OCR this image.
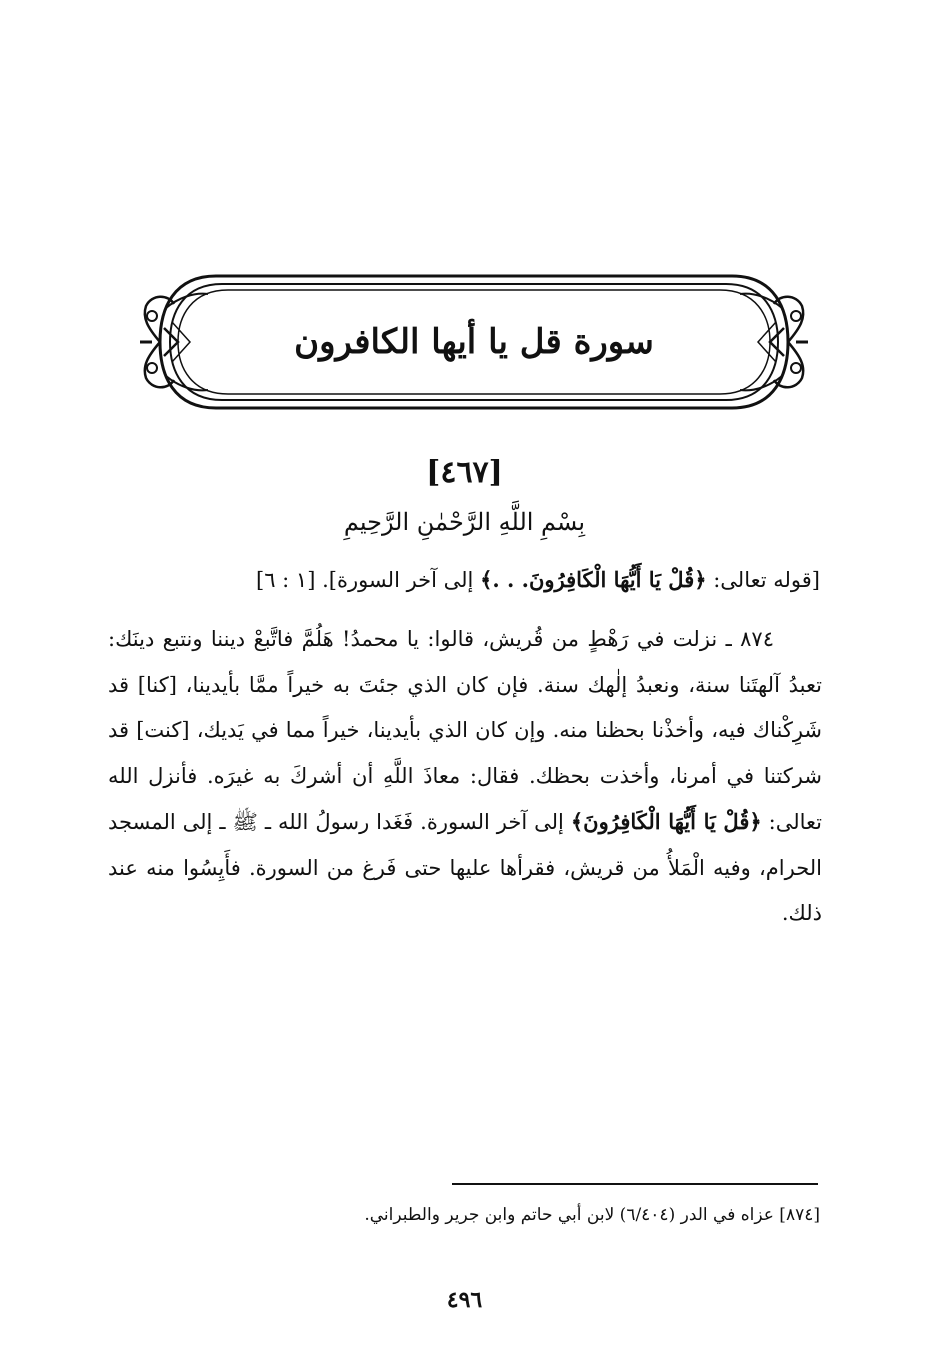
سورة قل يا أيها الكافرون
[٤٦٧]
بِسْمِ اللَّهِ الرَّحْمٰنِ الرَّحِيمِ
[قوله تعالى: ﴿قُلْ يَا أَيُّهَا الْكَافِرُونَ. . .﴾ إلى آخر السورة]. [١ : ٦]
٨٧٤ ـ نزلت في رَهْطٍ من قُريش، قالوا: يا محمدُ! هَلُمَّ فاتَّبعْ ديننا ونتبع دينَك: تعبدُ آلهتَنا سنة، ونعبدُ إلٰهك سنة. فإن كان الذي جئتَ به خيراً ممَّا بأيدينا، [كنا] قد شَرِكْناك فيه، وأخذْنا بحظنا منه. وإن كان الذي بأيدينا، خيراً مما في يَديك، [كنت] قد شركتنا في أمرنا، وأخذت بحظك. فقال: معاذَ اللَّهِ أن أشركَ به غيرَه. فأنزل الله تعالى: ﴿قُلْ يَا أَيُّهَا الْكَافِرُونَ﴾ إلى آخر السورة. فَغَدا رسولُ الله ـ ﷺ ـ إلى المسجد الحرام، وفيه الْمَلأُ من قريش، فقرأها عليها حتى فَرغ من السورة. فأَيِسُوا منه عند ذلك.
[٨٧٤] عزاه في الدر (٦/٤٠٤) لابن أبي حاتم وابن جرير والطبراني.
٤٩٦
